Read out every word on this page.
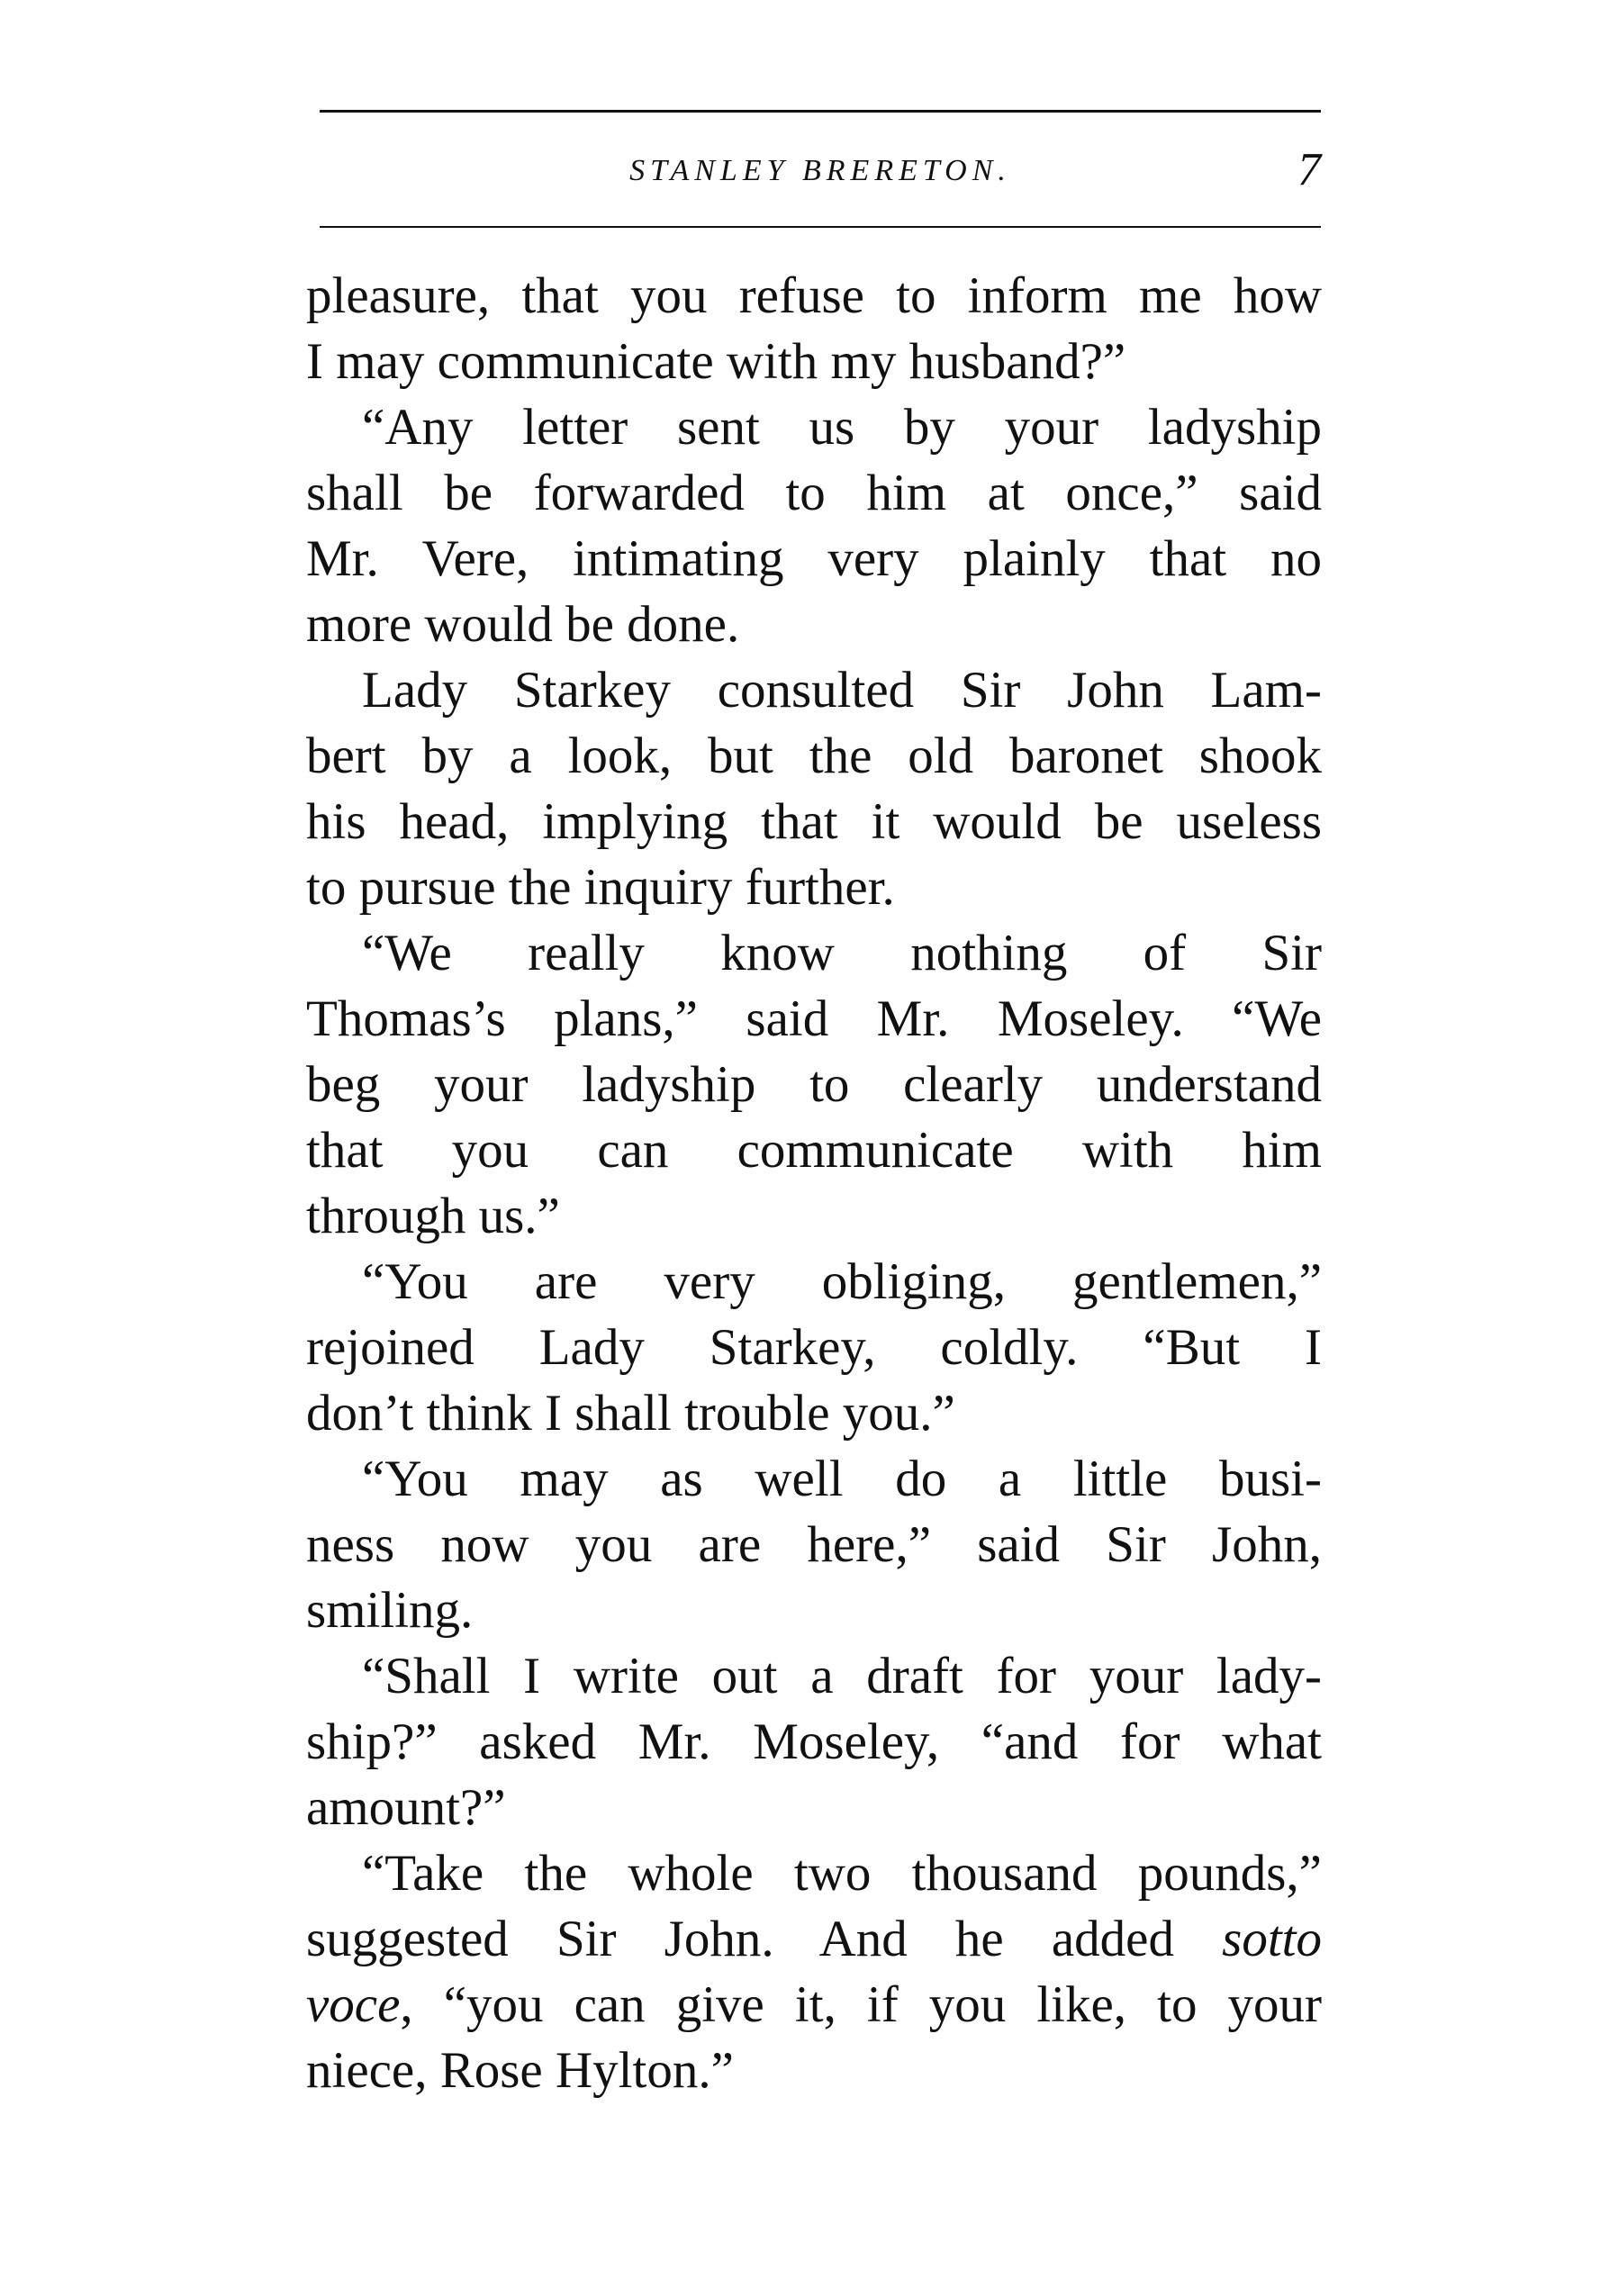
STANLEY BRERETON.	7
pleasure, that you refuse to inform me how
I may communicate with my husband?”
“Any letter sent us by your ladyship
shall be forwarded to him at once,” said
Mr. Vere, intimating very plainly that no
more would be done.
Lady Starkey consulted Sir John Lam-
bert by a look, but the old baronet shook
his head, implying that it would be useless
to pursue the inquiry further.
“We really know nothing of Sir
Thomas’s plans,” said Mr. Moseley. “We
beg your ladyship to clearly understand
that you can communicate with him
through us.”
“You are very obliging, gentlemen,”
rejoined Lady Starkey, coldly. “But I
don’t think I shall trouble you.”
“You may as well do a little busi-
ness now you are here,” said Sir John,
smiling.
“Shall I write out a draft for your lady-
ship?” asked Mr. Moseley, “and for what
amount?”
“Take the whole two thousand pounds,”
suggested Sir John. And he added sotto
voce, “you can give it, if you like, to your
niece, Rose Hylton.”
